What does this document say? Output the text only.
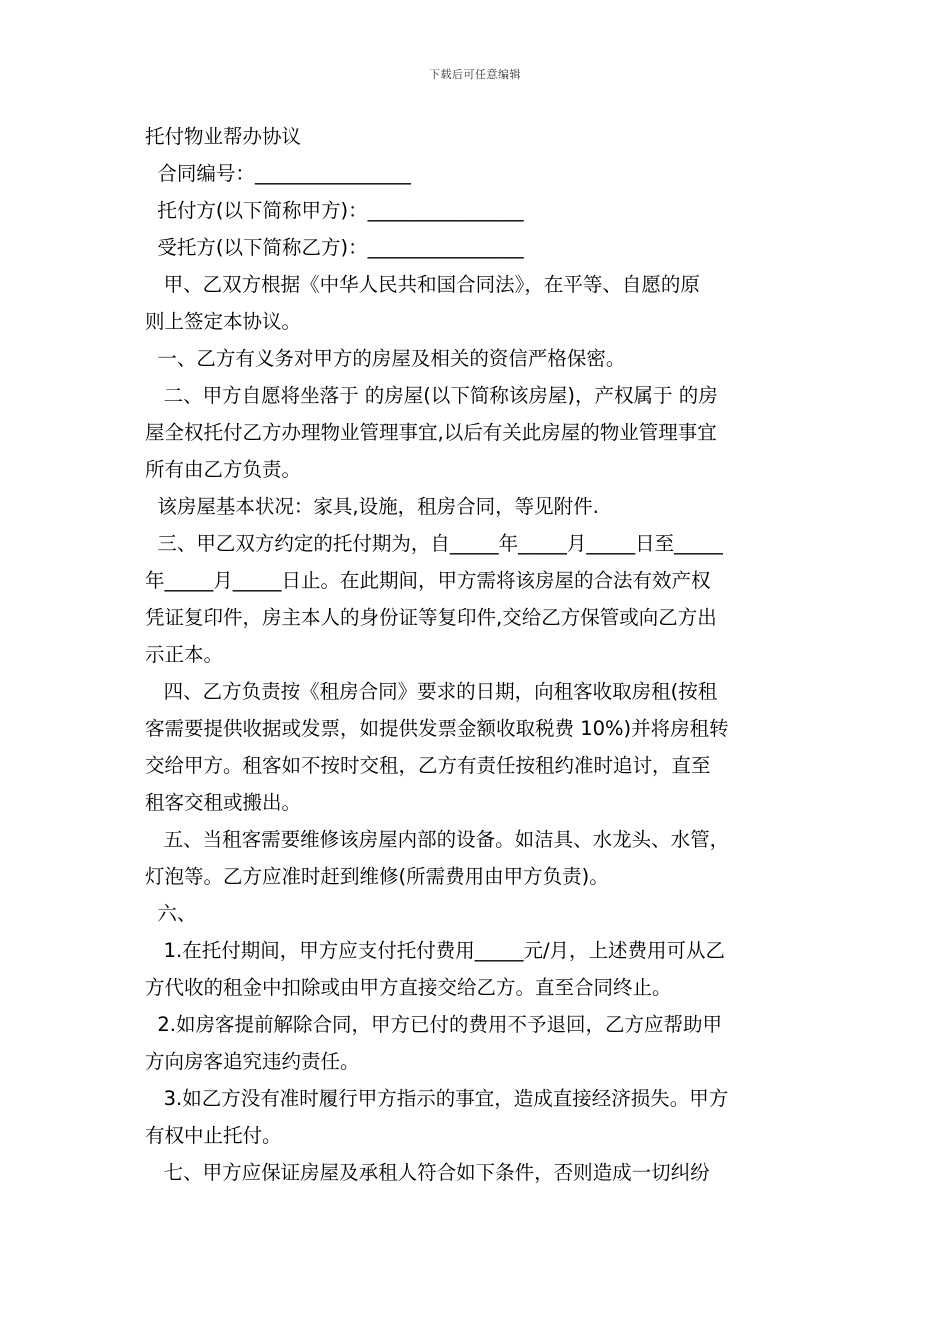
下载后可任意编辑
托付物业帮办协议
合同编号：________________
托付方(以下简称甲方)：________________
受托方(以下简称乙方)：________________
甲、乙双方根据《中华人民共和国合同法》，在平等、自愿的原
则上签定本协议。
一、乙方有义务对甲方的房屋及相关的资信严格保密。
二、甲方自愿将坐落于 的房屋(以下简称该房屋)，产权属于 的房
屋全权托付乙方办理物业管理事宜,以后有关此房屋的物业管理事宜
所有由乙方负责。
该房屋基本状况：家具,设施，租房合同，等见附件.
三、甲乙双方约定的托付期为，自_____年_____月_____日至_____
年_____月_____日止。在此期间，甲方需将该房屋的合法有效产权
凭证复印件，房主本人的身份证等复印件,交给乙方保管或向乙方出
示正本。
四、乙方负责按《租房合同》要求的日期，向租客收取房租(按租
客需要提供收据或发票，如提供发票金额收取税费 10%)并将房租转
交给甲方。租客如不按时交租，乙方有责任按租约准时追讨，直至
租客交租或搬出。
五、当租客需要维修该房屋内部的设备。如洁具、水龙头、水管，
灯泡等。乙方应准时赶到维修(所需费用由甲方负责)。
六、
1.在托付期间，甲方应支付托付费用_____元/月，上述费用可从乙
方代收的租金中扣除或由甲方直接交给乙方。直至合同终止。
2.如房客提前解除合同，甲方已付的费用不予退回，乙方应帮助甲
方向房客追究违约责任。
3.如乙方没有准时履行甲方指示的事宜，造成直接经济损失。甲方
有权中止托付。
七、甲方应保证房屋及承租人符合如下条件，否则造成一切纠纷
